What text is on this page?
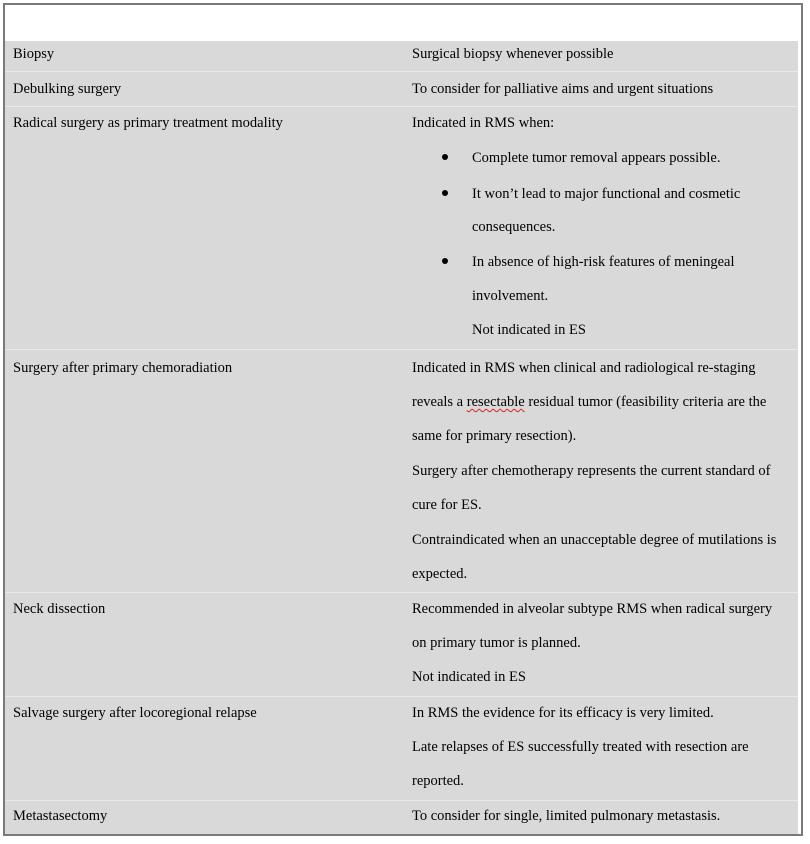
Biopsy	Surgical biopsy whenever possible
Debulking surgery	To consider for palliative aims and urgent situations
Radical surgery as primary treatment modality	Indicated in RMS when:
Complete tumor removal appears possible.
It won’t lead to major functional and cosmetic
consequences.
In absence of high-risk features of meningeal
involvement.
Not indicated in ES
Surgery after primary chemoradiation	Indicated in RMS when clinical and radiological re-staging
reveals a resectable residual tumor (feasibility criteria are the
same for primary resection).
Surgery after chemotherapy represents the current standard of
cure for ES.
Contraindicated when an unacceptable degree of mutilations is
expected.
Neck dissection	Recommended in alveolar subtype RMS when radical surgery
on primary tumor is planned.
Not indicated in ES
Salvage surgery after locoregional relapse	In RMS the evidence for its efficacy is very limited.
Late relapses of ES successfully treated with resection are
reported.
Metastasectomy	To consider for single, limited pulmonary metastasis.
